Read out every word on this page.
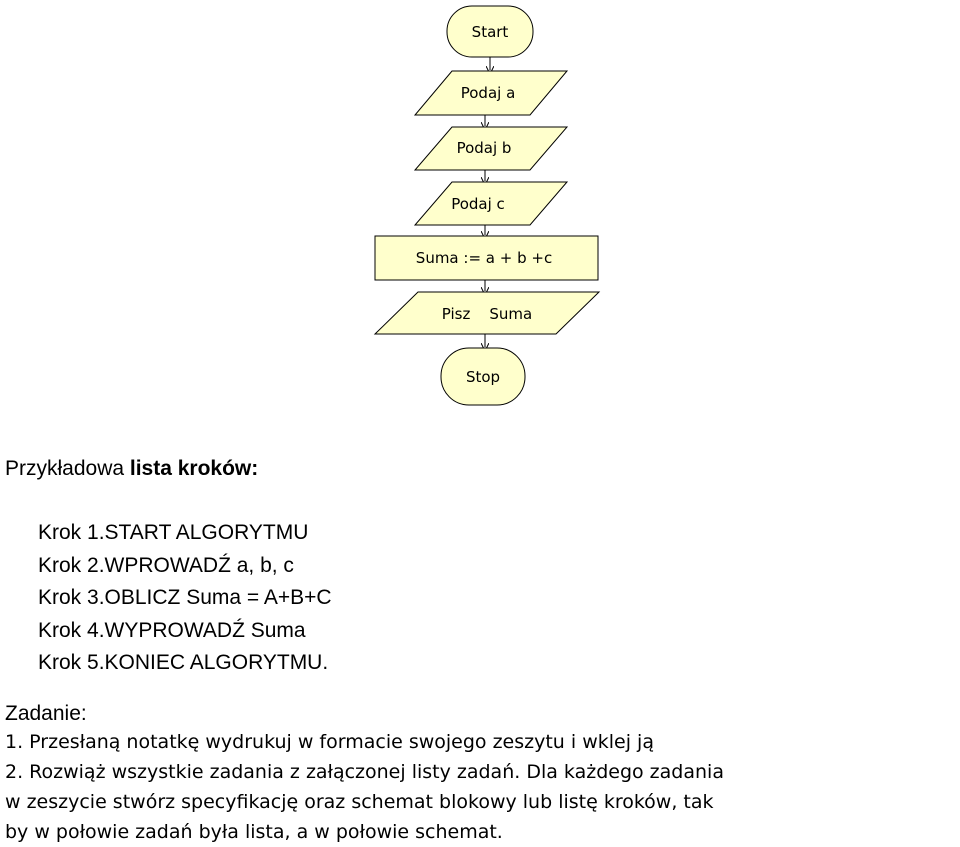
Start
Podaj a
Podaj b
Podaj c
Suma := a + b +c
Pisz    Suma
Stop
Przykładowa lista kroków:
Krok 1.START ALGORYTMU
Krok 2.WPROWADŹ a, b, c
Krok 3.OBLICZ Suma = A+B+C
Krok 4.WYPROWADŹ Suma
Krok 5.KONIEC ALGORYTMU.
Zadanie:
1. Przesłaną notatkę wydrukuj w formacie swojego zeszytu i wklej ją
2. Rozwiąż wszystkie zadania z załączonej listy zadań. Dla każdego zadania
w zeszycie stwórz specyfikację oraz schemat blokowy lub listę kroków, tak
by w połowie zadań była lista, a w połowie schemat.
